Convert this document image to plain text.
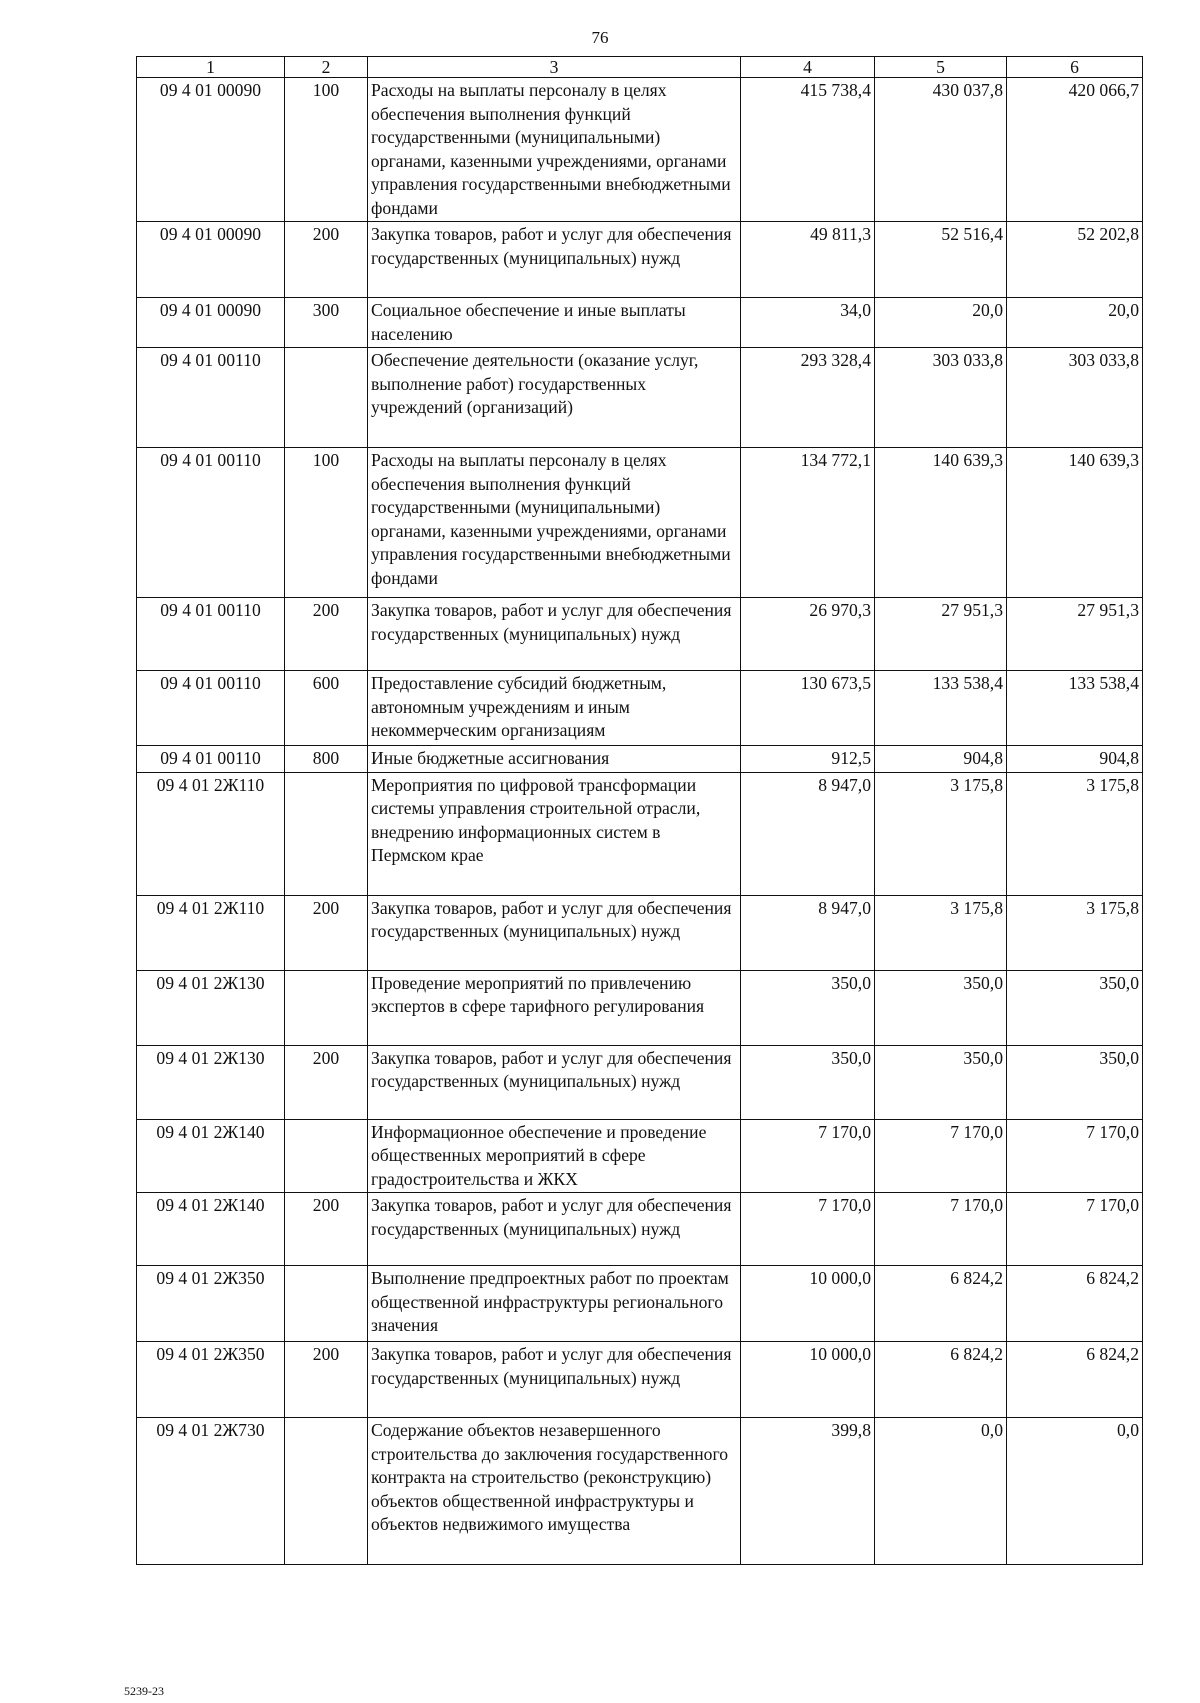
76
1	2	3	4	5	6
09 4 01 00090	100	Расходы на выплаты персоналу в целях обеспечения выполнения функций государственными (муниципальными) органами, казенными учреждениями, органами управления государственными внебюджетными фондами	415 738,4	430 037,8	420 066,7
09 4 01 00090	200	Закупка товаров, работ и услуг для обеспечения государственных (муниципальных) нужд	49 811,3	52 516,4	52 202,8
09 4 01 00090	300	Социальное обеспечение и иные выплаты населению	34,0	20,0	20,0
09 4 01 00110		Обеспечение деятельности (оказание услуг, выполнение работ) государственных учреждений (организаций)	293 328,4	303 033,8	303 033,8
09 4 01 00110	100	Расходы на выплаты персоналу в целях обеспечения выполнения функций государственными (муниципальными) органами, казенными учреждениями, органами управления государственными внебюджетными фондами	134 772,1	140 639,3	140 639,3
09 4 01 00110	200	Закупка товаров, работ и услуг для обеспечения государственных (муниципальных) нужд	26 970,3	27 951,3	27 951,3
09 4 01 00110	600	Предоставление субсидий бюджетным, автономным учреждениям и иным некоммерческим организациям	130 673,5	133 538,4	133 538,4
09 4 01 00110	800	Иные бюджетные ассигнования	912,5	904,8	904,8
09 4 01 2Ж110		Мероприятия по цифровой трансформации системы управления строительной отрасли, внедрению информационных систем в Пермском крае	8 947,0	3 175,8	3 175,8
09 4 01 2Ж110	200	Закупка товаров, работ и услуг для обеспечения государственных (муниципальных) нужд	8 947,0	3 175,8	3 175,8
09 4 01 2Ж130		Проведение мероприятий по привлечению экспертов в сфере тарифного регулирования	350,0	350,0	350,0
09 4 01 2Ж130	200	Закупка товаров, работ и услуг для обеспечения государственных (муниципальных) нужд	350,0	350,0	350,0
09 4 01 2Ж140		Информационное обеспечение и проведение общественных мероприятий в сфере градостроительства и ЖКХ	7 170,0	7 170,0	7 170,0
09 4 01 2Ж140	200	Закупка товаров, работ и услуг для обеспечения государственных (муниципальных) нужд	7 170,0	7 170,0	7 170,0
09 4 01 2Ж350		Выполнение предпроектных работ по проектам общественной инфраструктуры регионального значения	10 000,0	6 824,2	6 824,2
09 4 01 2Ж350	200	Закупка товаров, работ и услуг для обеспечения государственных (муниципальных) нужд	10 000,0	6 824,2	6 824,2
09 4 01 2Ж730		Содержание объектов незавершенного строительства до заключения государственного контракта на строительство (реконструкцию) объектов общественной инфраструктуры и объектов недвижимого имущества	399,8	0,0	0,0
5239-23
